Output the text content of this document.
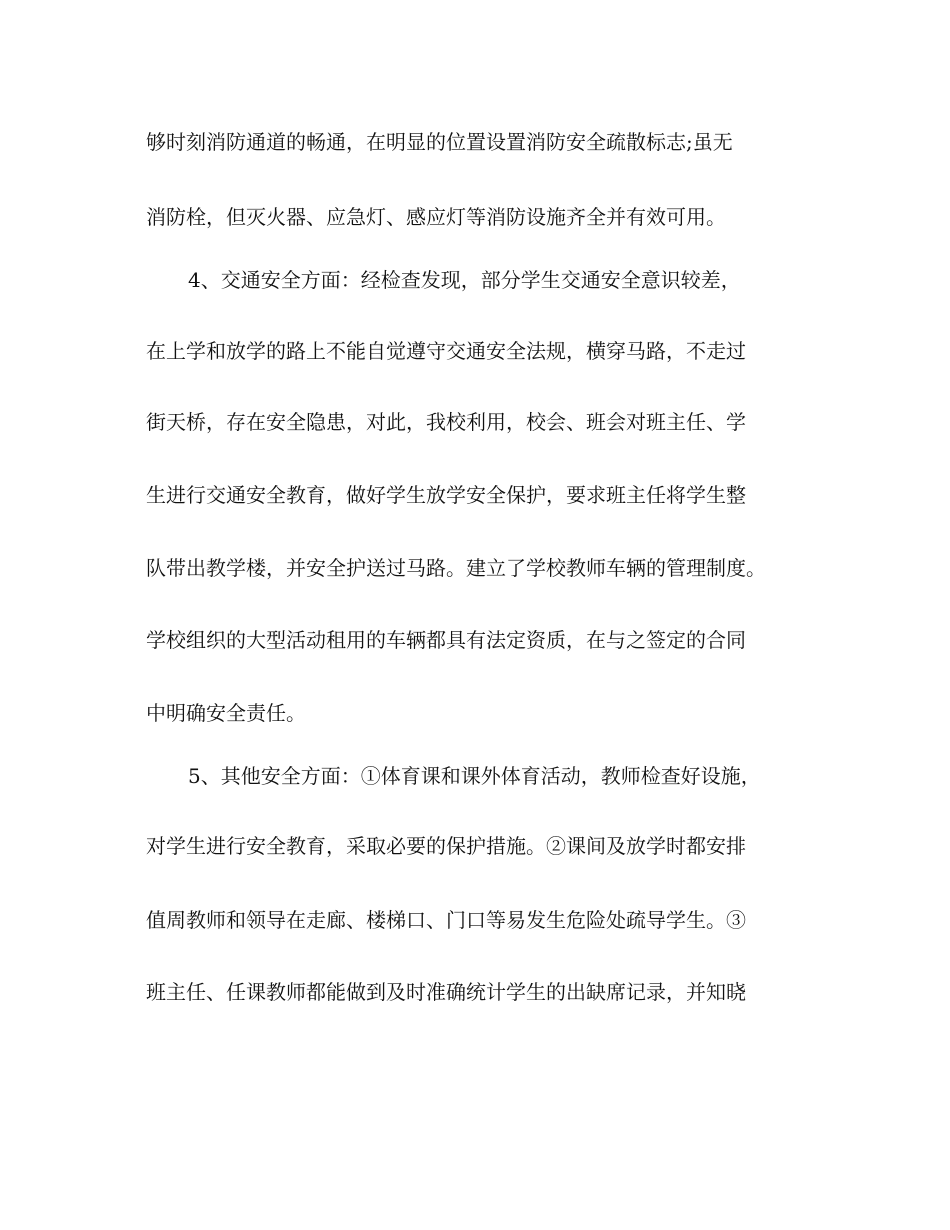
够时刻消防通道的畅通，在明显的位置设置消防安全疏散标志;虽无

消防栓，但灭火器、应急灯、感应灯等消防设施齐全并有效可用。

4、交通安全方面：经检查发现，部分学生交通安全意识较差，

在上学和放学的路上不能自觉遵守交通安全法规，横穿马路，不走过

街天桥，存在安全隐患，对此，我校利用，校会、班会对班主任、学

生进行交通安全教育，做好学生放学安全保护，要求班主任将学生整

队带出教学楼，并安全护送过马路。建立了学校教师车辆的管理制度。

学校组织的大型活动租用的车辆都具有法定资质，在与之签定的合同

中明确安全责任。

5、其他安全方面：①体育课和课外体育活动，教师检查好设施，

对学生进行安全教育，采取必要的保护措施。②课间及放学时都安排

值周教师和领导在走廊、楼梯口、门口等易发生危险处疏导学生。③

班主任、任课教师都能做到及时准确统计学生的出缺席记录，并知晓
